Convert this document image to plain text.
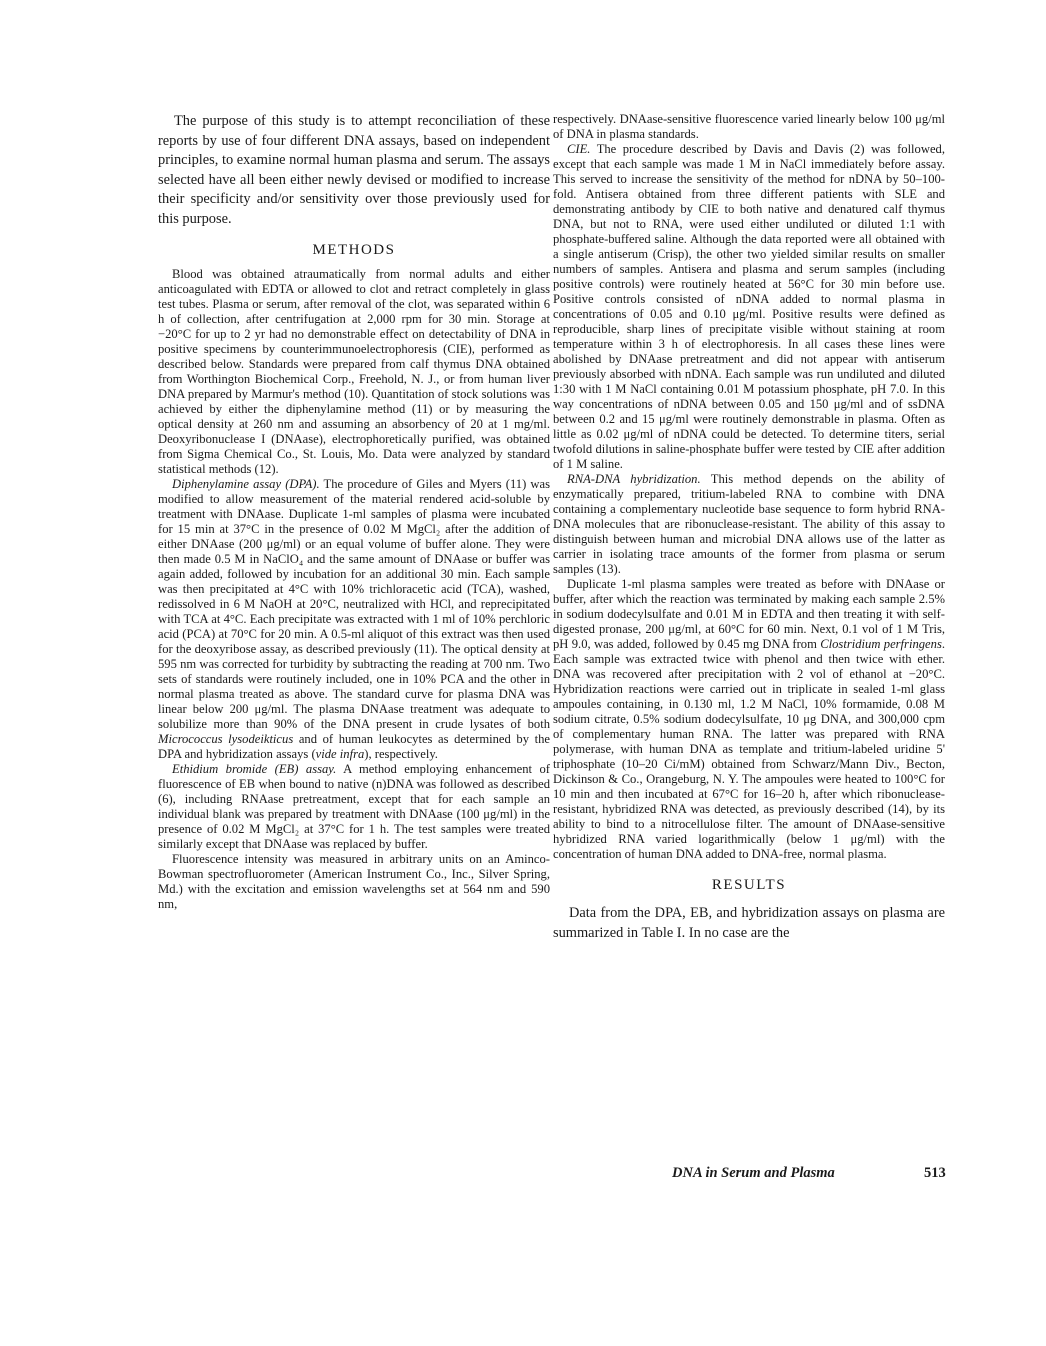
The purpose of this study is to attempt reconciliation of these reports by use of four different DNA assays, based on independent principles, to examine normal human plasma and serum. The assays selected have all been either newly devised or modified to increase their specificity and/or sensitivity over those previously used for this purpose.

METHODS

Blood was obtained atraumatically from normal adults and either anticoagulated with EDTA or allowed to clot and retract completely in glass test tubes. Plasma or serum, after removal of the clot, was separated within 6 h of collection, after centrifugation at 2,000 rpm for 30 min. Storage at −20°C for up to 2 yr had no demonstrable effect on detectability of DNA in positive specimens by counterimmunoelectrophoresis (CIE), performed as described below. Standards were prepared from calf thymus DNA obtained from Worthington Biochemical Corp., Freehold, N. J., or from human liver DNA prepared by Marmur's method (10). Quantitation of stock solutions was achieved by either the diphenylamine method (11) or by measuring the optical density at 260 nm and assuming an absorbency of 20 at 1 mg/ml. Deoxyribonuclease I (DNAase), electrophoretically purified, was obtained from Sigma Chemical Co., St. Louis, Mo. Data were analyzed by standard statistical methods (12).

Diphenylamine assay (DPA). The procedure of Giles and Myers (11) was modified to allow measurement of the material rendered acid-soluble by treatment with DNAase. Duplicate 1-ml samples of plasma were incubated for 15 min at 37°C in the presence of 0.02 M MgCl₂ after the addition of either DNAase (200 μg/ml) or an equal volume of buffer alone. They were then made 0.5 M in NaClO₄ and the same amount of DNAase or buffer was again added, followed by incubation for an additional 30 min. Each sample was then precipitated at 4°C with 10% trichloracetic acid (TCA), washed, redissolved in 6 M NaOH at 20°C, neutralized with HCl, and reprecipitated with TCA at 4°C. Each precipitate was extracted with 1 ml of 10% perchloric acid (PCA) at 70°C for 20 min. A 0.5-ml aliquot of this extract was then used for the deoxyribose assay, as described previously (11). The optical density at 595 nm was corrected for turbidity by subtracting the reading at 700 nm. Two sets of standards were routinely included, one in 10% PCA and the other in normal plasma treated as above. The standard curve for plasma DNA was linear below 200 μg/ml. The plasma DNAase treatment was adequate to solubilize more than 90% of the DNA present in crude lysates of both Micrococcus lysodeikticus and of human leukocytes as determined by the DPA and hybridization assays (vide infra), respectively.

Ethidium bromide (EB) assay. A method employing enhancement of fluorescence of EB when bound to native (n)DNA was followed as described (6), including RNAase pretreatment, except that for each sample an individual blank was prepared by treatment with DNAase (100 μg/ml) in the presence of 0.02 M MgCl₂ at 37°C for 1 h. The test samples were treated similarly except that DNAase was replaced by buffer.

Fluorescence intensity was measured in arbitrary units on an Aminco-Bowman spectrofluorometer (American Instrument Co., Inc., Silver Spring, Md.) with the excitation and emission wavelengths set at 564 nm and 590 nm,

respectively. DNAase-sensitive fluorescence varied linearly below 100 μg/ml of DNA in plasma standards.

CIE. The procedure described by Davis and Davis (2) was followed, except that each sample was made 1 M in NaCl immediately before assay. This served to increase the sensitivity of the method for nDNA by 50–100-fold. Antisera obtained from three different patients with SLE and demonstrating antibody by CIE to both native and denatured calf thymus DNA, but not to RNA, were used either undiluted or diluted 1:1 with phosphate-buffered saline. Although the data reported were all obtained with a single antiserum (Crisp), the other two yielded similar results on smaller numbers of samples. Antisera and plasma and serum samples (including positive controls) were routinely heated at 56°C for 30 min before use. Positive controls consisted of nDNA added to normal plasma in concentrations of 0.05 and 0.10 μg/ml. Positive results were defined as reproducible, sharp lines of precipitate visible without staining at room temperature within 3 h of electrophoresis. In all cases these lines were abolished by DNAase pretreatment and did not appear with antiserum previously absorbed with nDNA. Each sample was run undiluted and diluted 1:30 with 1 M NaCl containing 0.01 M potassium phosphate, pH 7.0. In this way concentrations of nDNA between 0.05 and 150 μg/ml and of ssDNA between 0.2 and 15 μg/ml were routinely demonstrable in plasma. Often as little as 0.02 μg/ml of nDNA could be detected. To determine titers, serial twofold dilutions in saline-phosphate buffer were tested by CIE after addition of 1 M saline.

RNA-DNA hybridization. This method depends on the ability of enzymatically prepared, tritium-labeled RNA to combine with DNA containing a complementary nucleotide base sequence to form hybrid RNA-DNA molecules that are ribonuclease-resistant. The ability of this assay to distinguish between human and microbial DNA allows use of the latter as carrier in isolating trace amounts of the former from plasma or serum samples (13).

Duplicate 1-ml plasma samples were treated as before with DNAase or buffer, after which the reaction was terminated by making each sample 2.5% in sodium dodecylsulfate and 0.01 M in EDTA and then treating it with self-digested pronase, 200 μg/ml, at 60°C for 60 min. Next, 0.1 vol of 1 M Tris, pH 9.0, was added, followed by 0.45 mg DNA from Clostridium perfringens. Each sample was extracted twice with phenol and then twice with ether. DNA was recovered after precipitation with 2 vol of ethanol at −20°C. Hybridization reactions were carried out in triplicate in sealed 1-ml glass ampoules containing, in 0.130 ml, 1.2 M NaCl, 10% formamide, 0.08 M sodium citrate, 0.5% sodium dodecylsulfate, 10 μg DNA, and 300,000 cpm of complementary human RNA. The latter was prepared with RNA polymerase, with human DNA as template and tritium-labeled uridine 5' triphosphate (10–20 Ci/mM) obtained from Schwarz/Mann Div., Becton, Dickinson & Co., Orangeburg, N. Y. The ampoules were heated to 100°C for 10 min and then incubated at 67°C for 16–20 h, after which ribonuclease-resistant, hybridized RNA was detected, as previously described (14), by its ability to bind to a nitrocellulose filter. The amount of DNAase-sensitive hybridized RNA varied logarithmically (below 1 μg/ml) with the concentration of human DNA added to DNA-free, normal plasma.

RESULTS

Data from the DPA, EB, and hybridization assays on plasma are summarized in Table I. In no case are the

DNA in Serum and Plasma	513
